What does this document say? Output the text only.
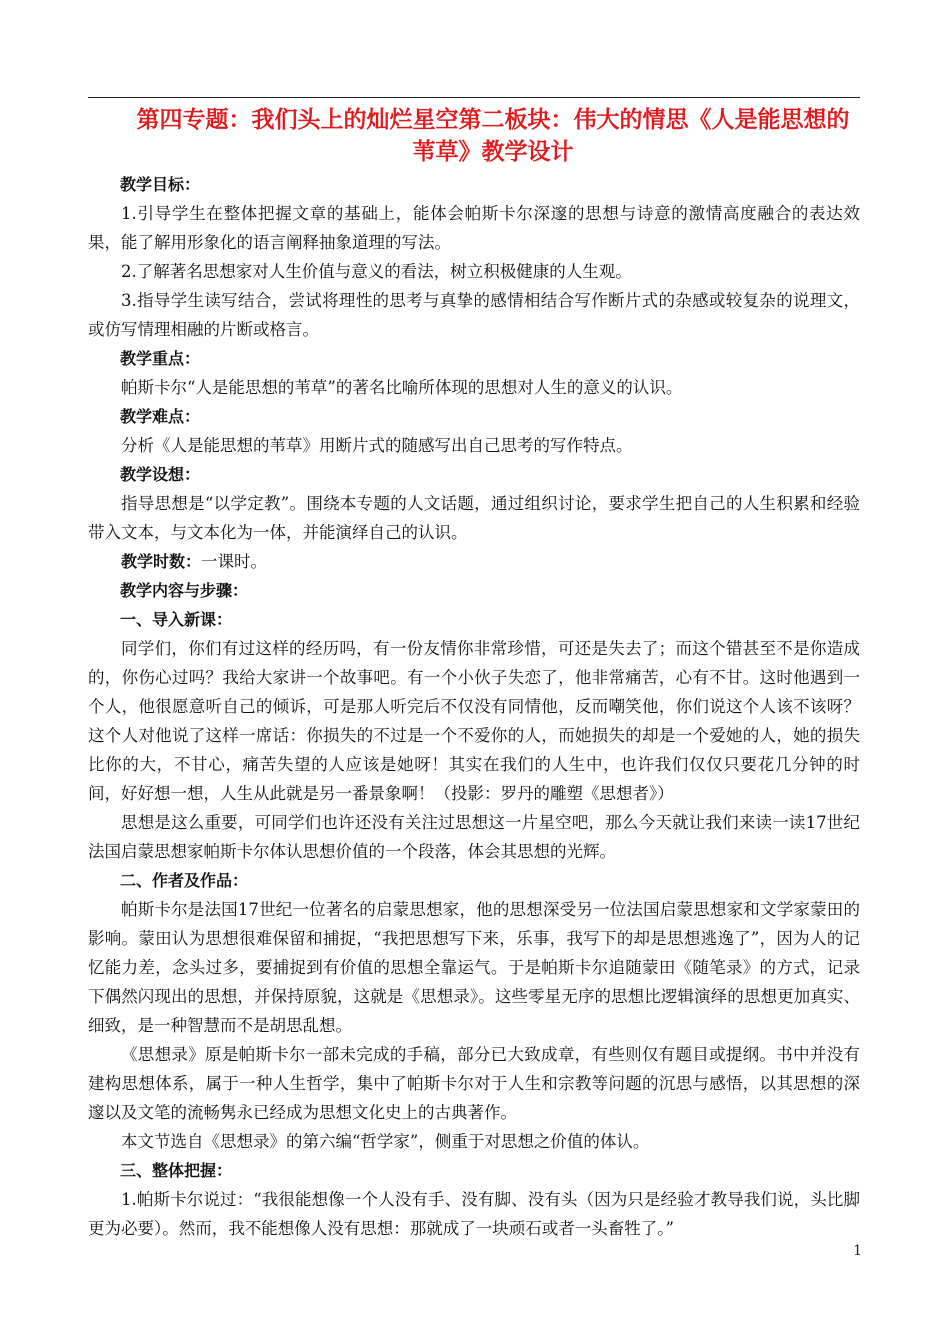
第四专题：我们头上的灿烂星空第二板块：伟大的情思《人是能思想的苇草》教学设计

教学目标：

1.引导学生在整体把握文章的基础上，能体会帕斯卡尔深邃的思想与诗意的激情高度融合的表达效果，能了解用形象化的语言阐释抽象道理的写法。

2.了解著名思想家对人生价值与意义的看法，树立积极健康的人生观。

3.指导学生读写结合，尝试将理性的思考与真挚的感情相结合写作断片式的杂感或较复杂的说理文，或仿写情理相融的片断或格言。

教学重点：

帕斯卡尔“人是能思想的苇草”的著名比喻所体现的思想对人生的意义的认识。

教学难点：

分析《人是能思想的苇草》用断片式的随感写出自己思考的写作特点。

教学设想：

指导思想是“以学定教”。围绕本专题的人文话题，通过组织讨论，要求学生把自己的人生积累和经验带入文本，与文本化为一体，并能演绎自己的认识。

教学时数：一课时。

教学内容与步骤：

一、导入新课：

同学们，你们有过这样的经历吗，有一份友情你非常珍惜，可还是失去了；而这个错甚至不是你造成的，你伤心过吗？我给大家讲一个故事吧。有一个小伙子失恋了，他非常痛苦，心有不甘。这时他遇到一个人，他很愿意听自己的倾诉，可是那人听完后不仅没有同情他，反而嘲笑他，你们说这个人该不该呀？这个人对他说了这样一席话：你损失的不过是一个不爱你的人，而她损失的却是一个爱她的人，她的损失比你的大，不甘心，痛苦失望的人应该是她呀！其实在我们的人生中，也许我们仅仅只要花几分钟的时间，好好想一想，人生从此就是另一番景象啊！（投影：罗丹的雕塑《思想者》）

思想是这么重要，可同学们也许还没有关注过思想这一片星空吧，那么今天就让我们来读一读17世纪法国启蒙思想家帕斯卡尔体认思想价值的一个段落，体会其思想的光辉。

二、作者及作品：

帕斯卡尔是法国17世纪一位著名的启蒙思想家，他的思想深受另一位法国启蒙思想家和文学家蒙田的影响。蒙田认为思想很难保留和捕捉，“我把思想写下来，乐事，我写下的却是思想逃逸了”，因为人的记忆能力差，念头过多，要捕捉到有价值的思想全靠运气。于是帕斯卡尔追随蒙田《随笔录》的方式，记录下偶然闪现出的思想，并保持原貌，这就是《思想录》。这些零星无序的思想比逻辑演绎的思想更加真实、细致，是一种智慧而不是胡思乱想。

《思想录》原是帕斯卡尔一部未完成的手稿，部分已大致成章，有些则仅有题目或提纲。书中并没有建构思想体系，属于一种人生哲学，集中了帕斯卡尔对于人生和宗教等问题的沉思与感悟，以其思想的深邃以及文笔的流畅隽永已经成为思想文化史上的古典著作。

本文节选自《思想录》的第六编“哲学家”，侧重于对思想之价值的体认。

三、整体把握：

1.帕斯卡尔说过：“我很能想像一个人没有手、没有脚、没有头（因为只是经验才教导我们说，头比脚更为必要）。然而，我不能想像人没有思想：那就成了一块顽石或者一头畜牲了。”

1
